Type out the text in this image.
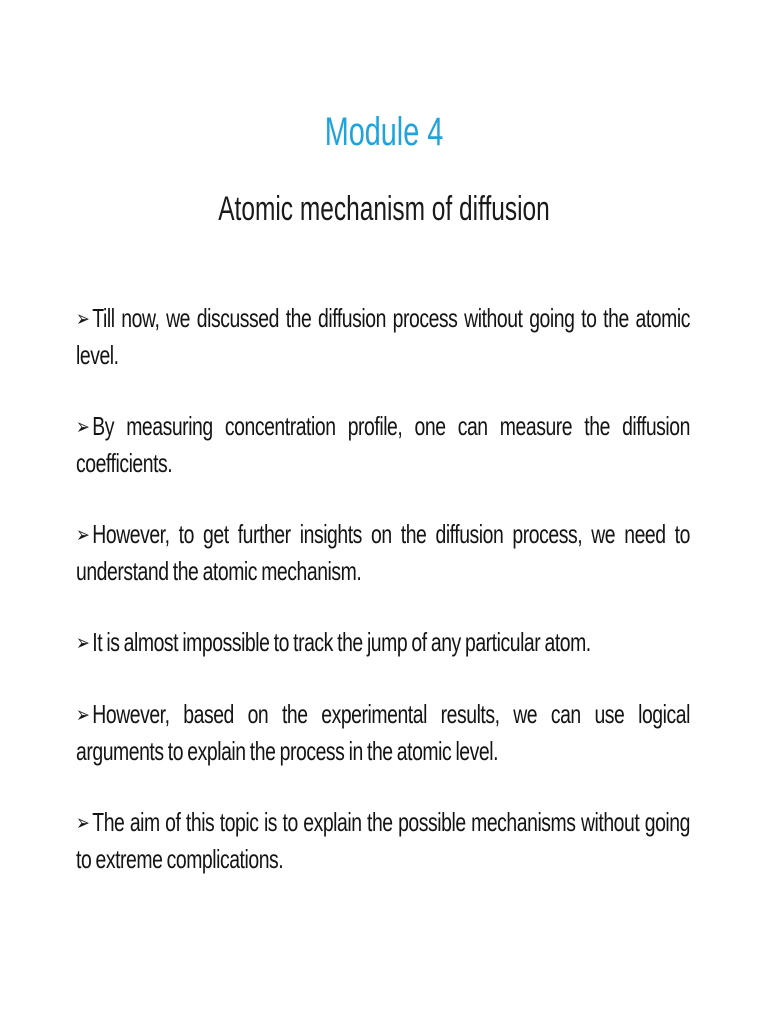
Module 4
Atomic mechanism of diffusion
➢ Till now, we discussed the diffusion process without going to the atomic level.
➢ By measuring concentration profile, one can measure the diffusion coefficients.
➢ However, to get further insights on the diffusion process, we need to understand the atomic mechanism.
➢ It is almost impossible to track the jump of any particular atom.
➢ However, based on the experimental results, we can use logical arguments to explain the process in the atomic level.
➢ The aim of this topic is to explain the possible mechanisms without going to extreme complications.
